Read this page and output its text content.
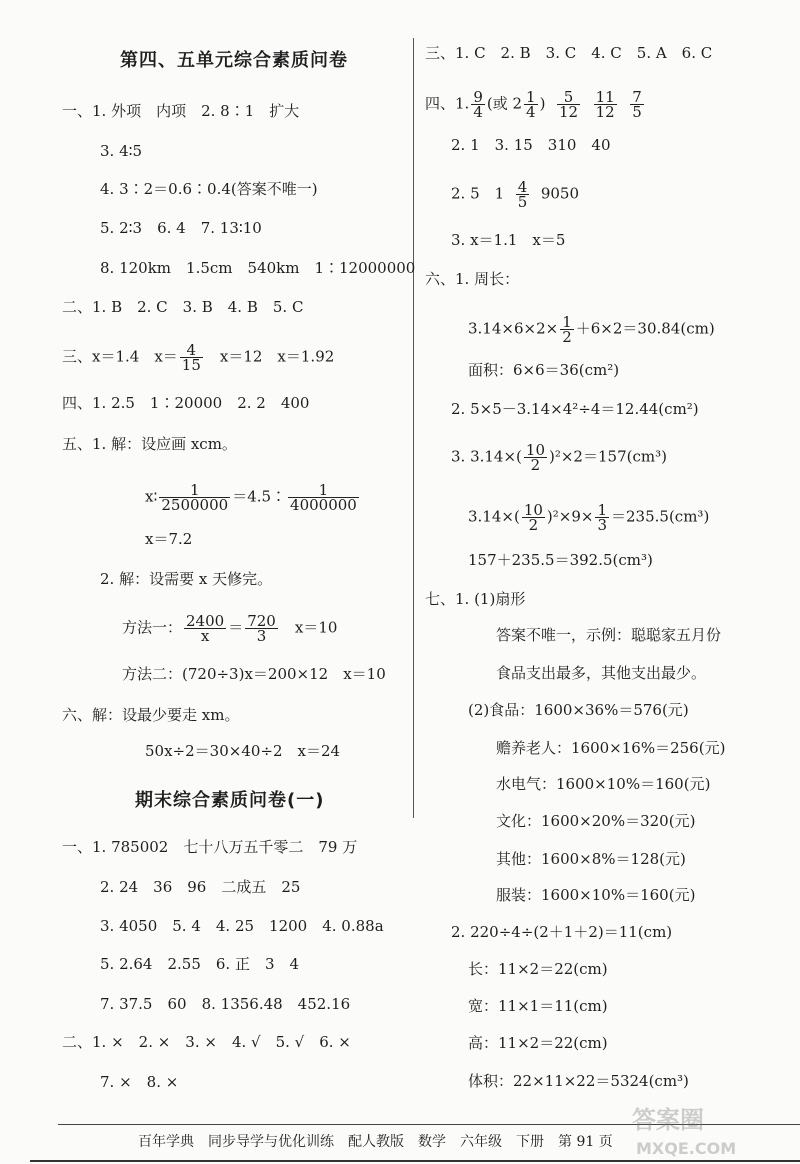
第四、五单元综合素质问卷
一、1. 外项　内项　2. 8∶1　扩大
3. 4∶5
4. 3∶2＝0.6∶0.4(答案不唯一)
5. 2∶3　6. 4　7. 13∶10
8. 120km　1.5cm　540km　1∶12000000
二、1. B　2. C　3. B　4. B　5. C
三、x＝1.4　$x= \frac{4}{15}$ 　x＝12　x＝1.92
四、1. 2.5　1∶20000　2. 2　400
五、1. 解：设应画 xcm。
x∶ $\frac{1}{2500000}$ ＝4.5∶ $\frac{1}{4000000}$
x＝7.2
2. 解：设需要 x 天修完。
方法一： $\frac{2400}{x} = \frac{720}{3}$ 　x＝10
方法二：(720÷3)x＝200×12　x＝10
六、解：设最少要走 xm。
50x÷2＝30×40÷2　x＝24
期末综合素质问卷(一)
一、1. 785002　七十八万五千零二　79 万
2. 24　36　96　二成五　25
3. 4050　5. 4　4. 25　1200　4. 0.88a
5. 2.64　2.55　6. 正　3　4
7. 37.5　60　8. 1356.48　452.16
二、1. ×　2. ×　3. ×　4. √　5. √　6. ×
7. ×　8. ×
三、1. C　2. B　3. C　4. C　5. A　6. C
四、1. $\frac{9}{4}$ (或 $2 \frac{1}{4}$ ) $\frac{5}{12}$
$\frac{11}{12}$
$\frac{7}{5}$
2. 1　3. 15　310　40
2. 5　$1 \frac{4}{5} 9050$
3. x＝1.1　x＝5
六、1. 周长：
$3.14\times 6\times 2\times \frac{1}{2} +6\times 2=30.84(cm)$
面积：6×6＝36(cm²)
2. 5×5－3.14×4²÷4＝12.44(cm²)
3. $3.14\times( \frac{10}{2} )^2\times 2=157(cm^3)$
$3.14\times( \frac{10}{2} )^2\times 9\times \frac{1}{3} =235.5(cm^3)$
157＋235.5＝392.5(cm³)
七、1. (1)扇形
答案不唯一，示例：聪聪家五月份
食品支出最多，其他支出最少。
(2)食品：1600×36%＝576(元)
赡养老人：1600×16%＝256(元)
水电气：1600×10%＝160(元)
文化：1600×20%＝320(元)
其他：1600×8%＝128(元)
服装：1600×10%＝160(元)
2. 220÷4÷(2＋1＋2)＝11(cm)
长：11×2＝22(cm)
宽：11×1＝11(cm)
高：11×2＝22(cm)
体积：22×11×22＝5324(cm³)
百年学典　同步导学与优化训练　配人教版　数学　六年级　下册　第 91 页
答案圈
MXQE.COM
